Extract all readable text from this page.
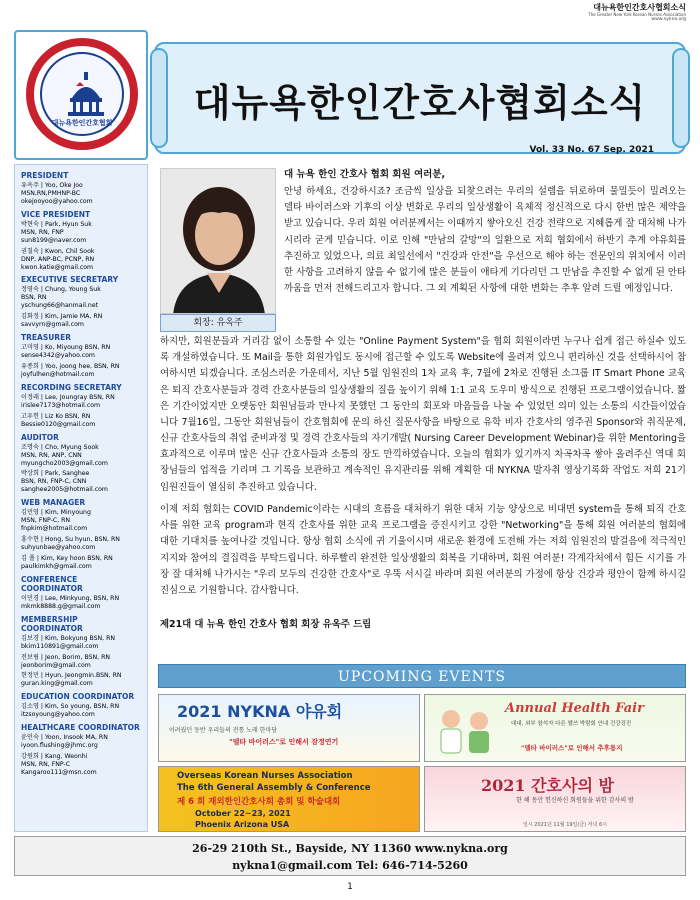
대뉴욕한인간호사협회소식
The Greater New York Korean Nurses Association
www.nykna.org
대뉴욕한인간호협회	대뉴욕한인간호사협회소식
Vol. 33 No. 67 Sep. 2021
PRESIDENT
유옥주 | Yoo, Oke Joo
MSN,RN,PMHNP-BC
okejooyoo@yahoo.com
VICE PRESIDENT
박현숙 | Park, Hyun Suk
MSN, RN, FNP
sun8199@naver.com
권칠숙 | Kwon, Chil Sook
DNP, ANP-BC, PCNP, RN
kwon.katie@gmail.com
EXECUTIVE SECRETARY
정영숙 | Chung, Young Suk
BSN, RN
yschung66@hanmail.net
김화정 | Kim, Jamie MA, RN
savvyrn@gmail.com
TREASURER
고미영 | Ko, Miyoung BSN, RN
sense4342@yahoo.com
유종희 | Yoo, joong hee, BSN, RN
joyfulhen@hotmail.com
RECORDING SECRETARY
이정래 | Lee, Joungray BSN, RN
irislee7173@hotmail.com
고우헌 | Liz Ko BSN, RN
Bessie0120@gmail.com
AUDITOR
조명숙 | Cho, Myung Sook
MSN, RN, ANP, CNN
myungcho2003@gmail.com
박상희 | Park, Sanghee
BSN, RN, FNP-C, CNN
sanghee2005@hotmail.com
WEB MANAGER
김민영 | Kim, Minyoung
MSN, FNP-C, RN
fnpkim@hotmail.com
홍수현 | Hong, Su hyun, BSN, RN
suhyunbae@yahoo.com
김 폴 | Kim, Key hoon BSN, RN
paulkimkh@gmail.com
CONFERENCE COORDINATOR
이민경 | Lee, Minkyung, BSN, RN
mkmk8888.g@gmail.com
MEMBERSHIP COORDINATOR
김보경 | Kim, Bokyung BSN, RN
bkim110891@gmail.com
전보림 | Jeon, Borim, BSN, RN
jeonborim@gmail.com
현정민 | Hyun, Jeongmin.BSN, RN
guran.king@gmail.com
EDUCATION COORDINATOR
김소영 | Kim, So young, BSN, RN
itzsoyoung@yahoo.com
HEALTHCARE COORDINATOR
윤인숙 | Yoon, Insook MA, RN
iyoon.flushing@jhmc.org
강원희 | Kang, Weonhi
MSN, RN, FNP-C
Kangaroo111@msn.com
회장: 유옥주
대 뉴욕 한인 간호사 협회 회원 여러분,
안녕 하세요, 건강하시죠? 조금씩 일상을 되찾으려는 우리의 설렘을 뒤로하며 물밀듯이 밀려오는 델타 바이러스와 기후의 이상 변화로 우리의 일상생활이 육체적 정신적으로 다시 한번 많은 제약을 받고 있습니다. 우리 회원 여러분께서는 이때까지 쌓아오신 건강 전략으로 지혜롭게 잘 대처해 나가시리라 굳게 믿습니다. 이로 인해 "만남의 갈망"의 일환으로 저희 협회에서 하반기 추계 야유회를 추진하고 있었으나, 의료 최일선에서 "건강과 안전"을 우선으로 해야 하는 전문인의 위치에서 이러한 사항을 고려하지 않을 수 없기에 많은 분들이 애타게 기다리던 그 만남을 추진할 수 없게 된 안타까움을 먼저 전해드리고자 합니다. 그 외 계획된 사항에 대한 변화는 추후 알려 드릴 예정입니다.
하지만, 회원분들과 거리감 없이 소통할 수 있는 "Online Payment System"을 협회 회원이라면 누구나 쉽게 접근 하실수 있도록 개설하였습니다. 또 Mail을 통한 회원가입도 동시에 접근할 수 있도록 Website에 올려져 있으니 편리하신 것을 선택하시어 참여하시면 되겠습니다. 조심스러운 가운데서, 지난 5월 임원진의 1차 교육 후, 7월에 2차로 진행된 소그룹 IT Smart Phone 교육은 퇴직 간호사분들과 경력 간호사분들의 일상생활의 질을 높이기 위해 1:1 교육 도우미 방식으로 진행된 프로그램이었습니다. 짧은 기간이었지만 오랫동안 회원님들과 만나지 못했던 그 동안의 회포와 마음들을 나눌 수 있었던 의미 있는 소통의 시간들이었습니다 7월16일, 그동안 회원님들이 간호협회에 문의 하신 질문사항을 바탕으로 유학 비자 간호사의 영주권 Sponsor와 취직문제, 신규 간호사들의 취업 준비과정 및 경력 간호사들의 자기개발( Nursing Career Development Webinar)을 위한 Mentoring을 효과적으로 이루며 많은 신규 간호사들과 소통의 장도 만끽하였습니다. 오늘의 협회가 있기까지 차곡차곡 쌓아 올려주신 역대 회장님들의 업적을 기리며 그 기록을 보관하고 계속적인 유지관리를 위해 계획한 대 NYKNA 발자취 영상기록화 작업도 저희 21기 임원진들이 열심히 추진하고 있습니다.
이제 저희 협회는 COVID Pandemic이라는 시대의 흐름을 대처하기 위한 대처 기능 양상으로 비대면 system을 통해 퇴직 간호사를 위한 교육 program과 현직 간호사를 위한 교육 프로그램을 증진시키고 강한 "Networking"을 통해 회원 여러분의 협회에 대한 기대치를 높여나갈 것입니다. 항상 협회 소식에 귀 기울이시며 새로운 환경에 도전해 가는 저희 임원진의 발걸음에 적극적인 지지와 참여의 결집력을 부탁드립니다. 하루빨리 완전한 일상생활의 회복을 기대하며, 회원 여러분! 각계각처에서 힘든 시기를 가장 잘 대처해 나가시는 "우리 모두의 건강한 간호사"로 우뚝 서시길 바라며 회원 여러분의 가정에 항상 건강과 평안이 함께 하시길 진심으로 기원합니다. 감사합니다.
제21대 대 뉴욕 한인 간호사 협회 회장 유옥주 드림
UPCOMING EVENTS
2021 NYKNA 야유회
어려웠던 동반 우리들의 전통 노래 한마당
"델타 바이러스"로 인해서 잠정연기
Annual Health Fair
대내, 외부 참석자 다른 헬쓰 박람회 안내 건강검진
"델타 바이러스"로 인해서 추후통지
Overseas Korean Nurses Association
The 6th General Assembly & Conference
제 6 회 재외한인간호사회 총회 및 학술대회
October 22~23, 2021
Phoenix Arizona USA
2021 간호사의 밤
한 해 동안 헌신하신 회원들을 위한 감사의 밤
일시 2021년 11월 19일(금) 저녁 6시
26-29 210th St., Bayside, NY 11360 www.nykna.org
nykna1@gmail.com Tel: 646-714-5260
1
